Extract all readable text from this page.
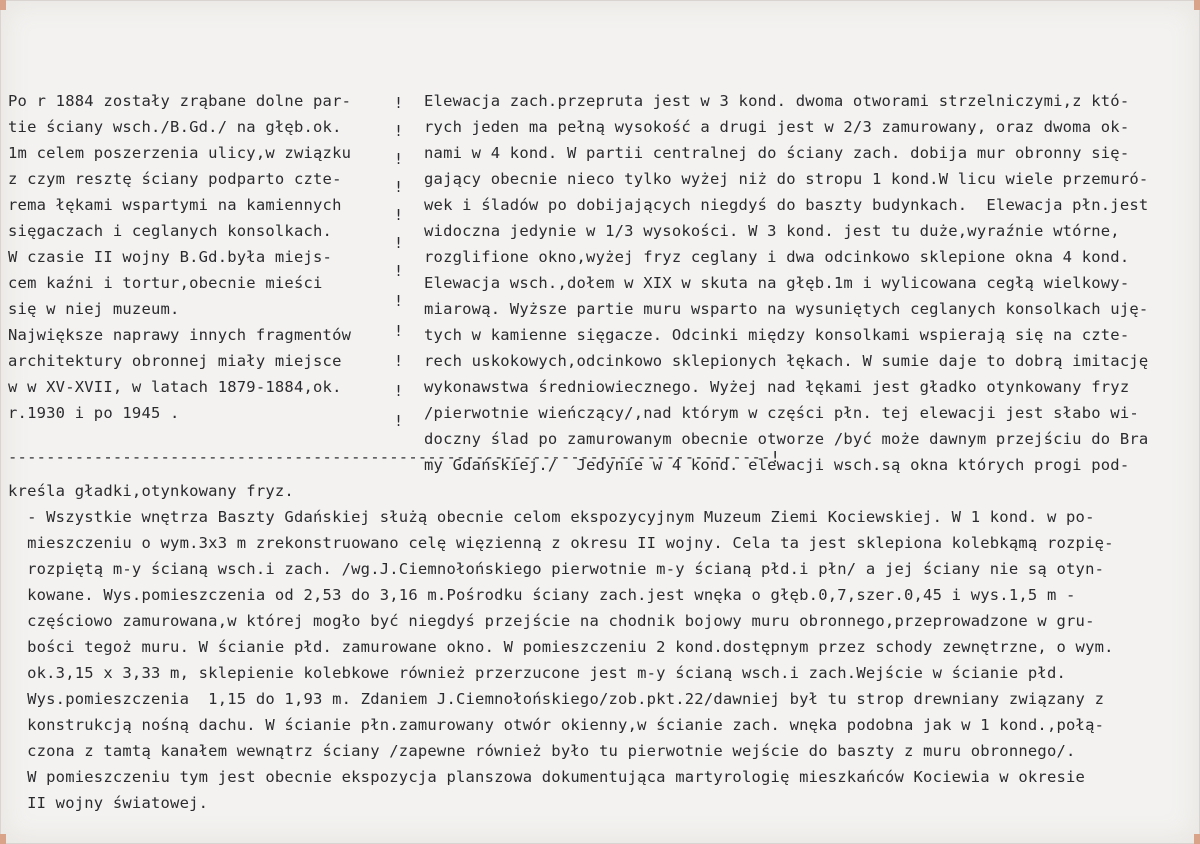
Po r 1884 zostały zrąbane dolne par-
tie ściany wsch./B.Gd./ na głęb.ok.
1m celem poszerzenia ulicy,w związku
z czym resztę ściany podparto czte-
rema łękami wspartymi na kamiennych
sięgaczach i ceglanych konsolkach.
W czasie II wojny B.Gd.była miejs-
cem kaźni i tortur,obecnie mieści
się w niej muzeum.
Największe naprawy innych fragmentów
architektury obronnej miały miejsce
w w XV-XVII, w latach 1879-1884,ok.
r.1930 i po 1945 .
!
!
!
!
!
!
!
!
!
!
!
!
Elewacja zach.przepruta jest w 3 kond. dwoma otworami strzelniczymi,z któ-
rych jeden ma pełną wysokość a drugi jest w 2/3 zamurowany, oraz dwoma ok-
nami w 4 kond. W partii centralnej do ściany zach. dobija mur obronny się-
gający obecnie nieco tylko wyżej niż do stropu 1 kond.W licu wiele przemuró-
wek i śladów po dobijających niegdyś do baszty budynkach.  Elewacja płn.jest
widoczna jedynie w 1/3 wysokości. W 3 kond. jest tu duże,wyraźnie wtórne,
rozglifione okno,wyżej fryz ceglany i dwa odcinkowo sklepione okna 4 kond.
Elewacja wsch.,dołem w XIX w skuta na głęb.1m i wylicowana cegłą wielkowy-
miarową. Wyższe partie muru wsparto na wysuniętych ceglanych konsolkach uję-
tych w kamienne sięgacze. Odcinki między konsolkami wspierają się na czte-
rech uskokowych,odcinkowo sklepionych łękach. W sumie daje to dobrą imitację
wykonawstwa średniowiecznego. Wyżej nad łękami jest gładko otynkowany fryz
/pierwotnie wieńczący/,nad którym w części płn. tej elewacji jest słabo wi-
doczny ślad po zamurowanym obecnie otworze /być może dawnym przejściu do Bra
my Gdańskiej./  Jedynie w 4 kond. elewacji wsch.są okna których progi pod-
--------------------------------------------------------------------------------!
kreśla gładki,otynkowany fryz.
- Wszystkie wnętrza Baszty Gdańskiej służą obecnie celom ekspozycyjnym Muzeum Ziemi Kociewskiej. W 1 kond. w po-
mieszczeniu o wym.3x3 m zrekonstruowano celę więzienną z okresu II wojny. Cela ta jest sklepiona kolebkąmą rozpię-
rozpiętą m-y ścianą wsch.i zach. /wg.J.Ciemnołońskiego pierwotnie m-y ścianą płd.i płn/ a jej ściany nie są otyn-
kowane. Wys.pomieszczenia od 2,53 do 3,16 m.Pośrodku ściany zach.jest wnęka o głęb.0,7,szer.0,45 i wys.1,5 m -
częściowo zamurowana,w której mogło być niegdyś przejście na chodnik bojowy muru obronnego,przeprowadzone w gru-
bości tegoż muru. W ścianie płd. zamurowane okno. W pomieszczeniu 2 kond.dostępnym przez schody zewnętrzne, o wym.
ok.3,15 x 3,33 m, sklepienie kolebkowe również przerzucone jest m-y ścianą wsch.i zach.Wejście w ścianie płd.
Wys.pomieszczenia  1,15 do 1,93 m. Zdaniem J.Ciemnołońskiego/zob.pkt.22/dawniej był tu strop drewniany związany z
konstrukcją nośną dachu. W ścianie płn.zamurowany otwór okienny,w ścianie zach. wnęka podobna jak w 1 kond.,połą-
czona z tamtą kanałem wewnątrz ściany /zapewne również było tu pierwotnie wejście do baszty z muru obronnego/.
W pomieszczeniu tym jest obecnie ekspozycja planszowa dokumentująca martyrologię mieszkańców Kociewia w okresie
II wojny światowej.
